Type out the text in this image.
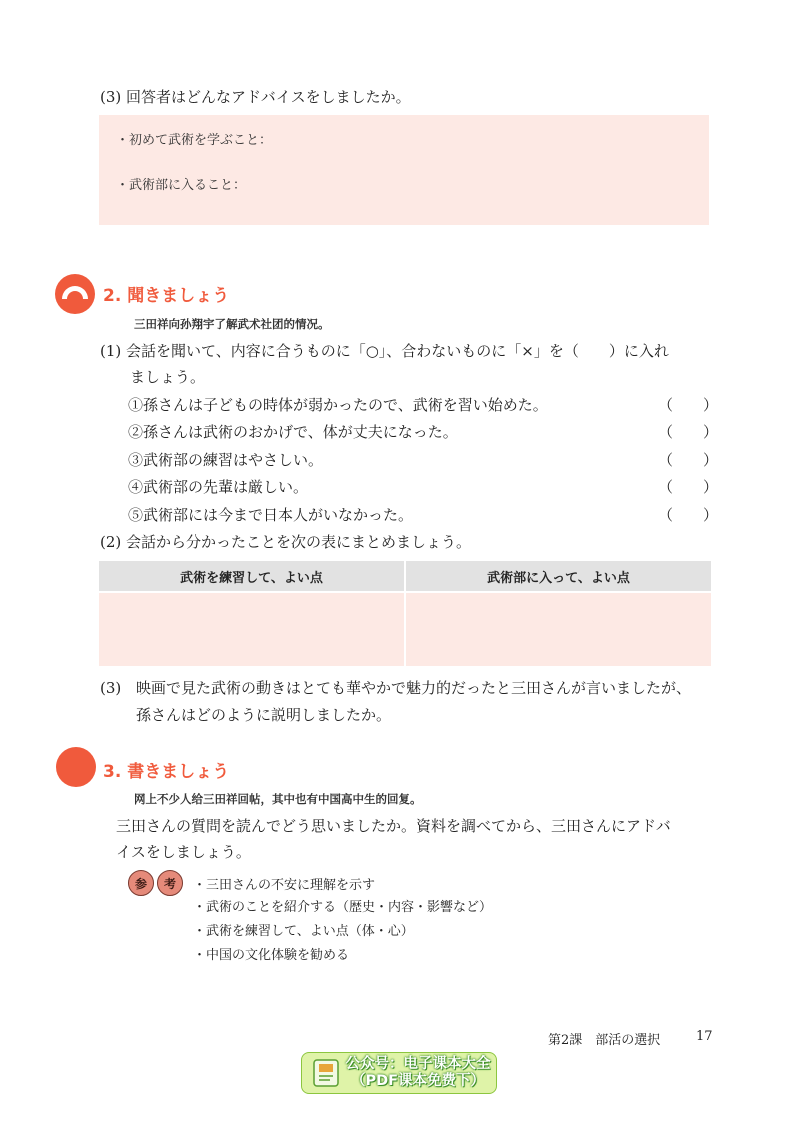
(3) 回答者はどんなアドバイスをしましたか。
・初めて武術を学ぶこと：
・武術部に入ること：
2. 聞きましょう
三田祥向孙翔宇了解武术社团的情况。
(1) 会話を聞いて、内容に合うものに「○」、合わないものに「×」を（　　）に入れ
ましょう。
①孫さんは子どもの時体が弱かったので、武術を習い始めた。	（　　）
②孫さんは武術のおかげで、体が丈夫になった。	（　　）
③武術部の練習はやさしい。	（　　）
④武術部の先輩は厳しい。	（　　）
⑤武術部には今まで日本人がいなかった。	（　　）
(2) 会話から分かったことを次の表にまとめましょう。
武術を練習して、よい点	武術部に入って、よい点

(3) 映画で見た武術の動きはとても華やかで魅力的だったと三田さんが言いましたが、
孫さんはどのように説明しましたか。
3. 書きましょう
网上不少人给三田祥回帖，其中也有中国高中生的回复。
三田さんの質問を読んでどう思いましたか。資料を調べてから、三田さんにアドバ
イスをしましょう。
参	考	・三田さんの不安に理解を示す
・武術のことを紹介する（歴史・内容・影響など）
・武術を練習して、よい点（体・心）
・中国の文化体験を勧める
第2課　部活の選択	17
公众号：电子课本大全
（PDF课本免费下）
